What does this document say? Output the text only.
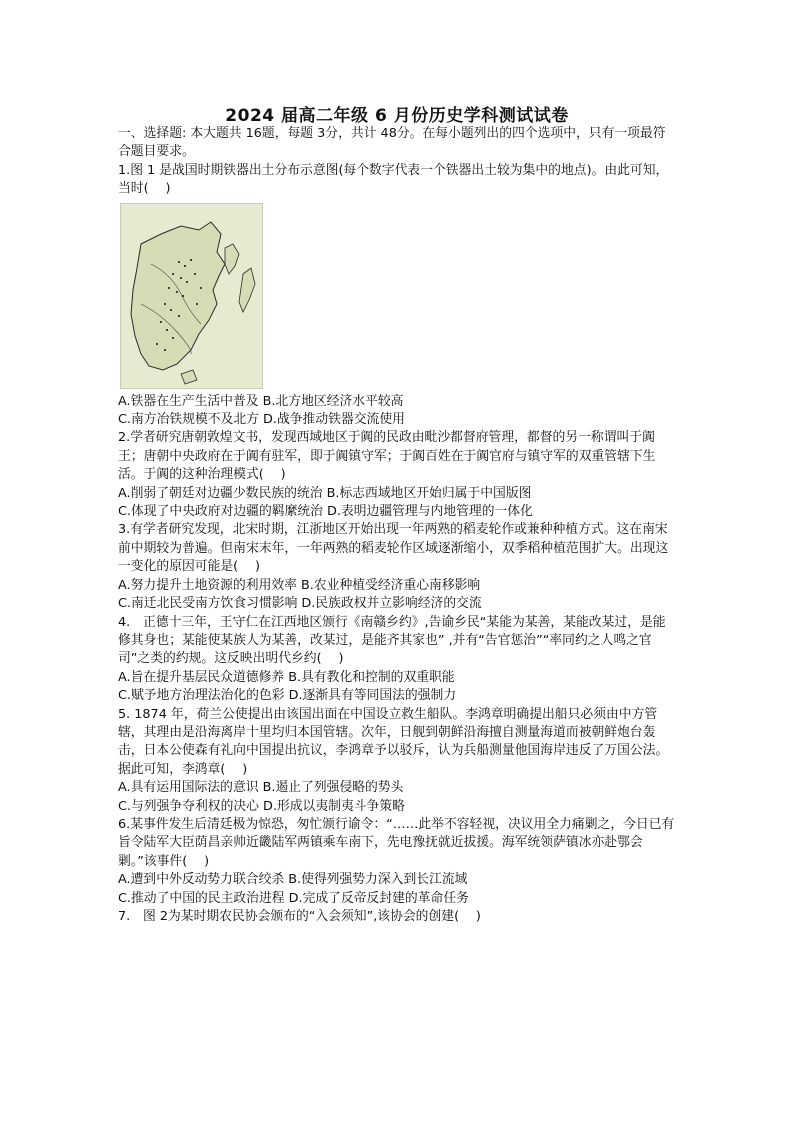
2024 届高二年级 6 月份历史学科测试试卷

一、选择题: 本大题共 16题，每题 3分，共计 48分。在每小题列出的四个选项中，只有一项最符合题目要求。

1.图 1 是战国时期铁器出土分布示意图(每个数字代表一个铁器出土较为集中的地点)。由此可知，当时(　 )

A.铁器在生产生活中普及 B.北方地区经济水平较高

C.南方冶铁规模不及北方 D.战争推动铁器交流使用

2.学者研究唐朝敦煌文书，发现西域地区于阗的民政由毗沙都督府管理，都督的另一称谓叫于阗王；唐朝中央政府在于阗有驻军，即于阗镇守军；于阗百姓在于阗官府与镇守军的双重管辖下生活。于阗的这种治理模式(　 )

A.削弱了朝廷对边疆少数民族的统治 B.标志西域地区开始归属于中国版图

C.体现了中央政府对边疆的羁縻统治 D.表明边疆管理与内地管理的一体化

3.有学者研究发现，北宋时期，江浙地区开始出现一年两熟的稻麦轮作或兼种种植方式。这在南宋前中期较为普遍。但南宋末年，一年两熟的稻麦轮作区域逐渐缩小，双季稻种植范围扩大。出现这一变化的原因可能是(　 )

A.努力提升土地资源的利用效率 B.农业种植受经济重心南移影响

C.南迁北民受南方饮食习惯影响 D.民族政权并立影响经济的交流

4.　正德十三年，王守仁在江西地区颁行《南赣乡约》,告谕乡民“某能为某善，某能改某过，是能修其身也；某能使某族人为某善，改某过，是能齐其家也” ,并有“告官惩治”“率同约之人鸣之官司”之类的约规。这反映出明代乡约(　 )

A.旨在提升基层民众道德修养 B.具有教化和控制的双重职能

C.赋予地方治理法治化的色彩 D.逐渐具有等同国法的强制力

5. 1874 年，荷兰公使提出由该国出面在中国设立救生船队。李鸿章明确提出船只必须由中方管辖，其理由是沿海离岸十里均归本国管辖。次年，日舰到朝鲜沿海擅自测量海道而被朝鲜炮台轰击，日本公使森有礼向中国提出抗议，李鸿章予以驳斥，认为兵船测量他国海岸违反了万国公法。据此可知，李鸿章(　 )

A.具有运用国际法的意识 B.遏止了列强侵略的势头

C.与列强争夺利权的决心 D.形成以夷制夷斗争策略

6.某事件发生后清廷极为惊恐，匆忙颁行谕令：“……此举不容轻视，决议用全力痛剿之，今日已有旨令陆军大臣荫昌亲帅近畿陆军两镇乘车南下，先电豫抚就近拔援。海军统领萨镇冰亦赴鄂会剿。”该事件(　 )

A.遭到中外反动势力联合绞杀 B.使得列强势力深入到长江流域

C.推动了中国的民主政治进程 D.完成了反帝反封建的革命任务

7.　图 2为某时期农民协会颁布的“入会须知”,该协会的创建(　 )
